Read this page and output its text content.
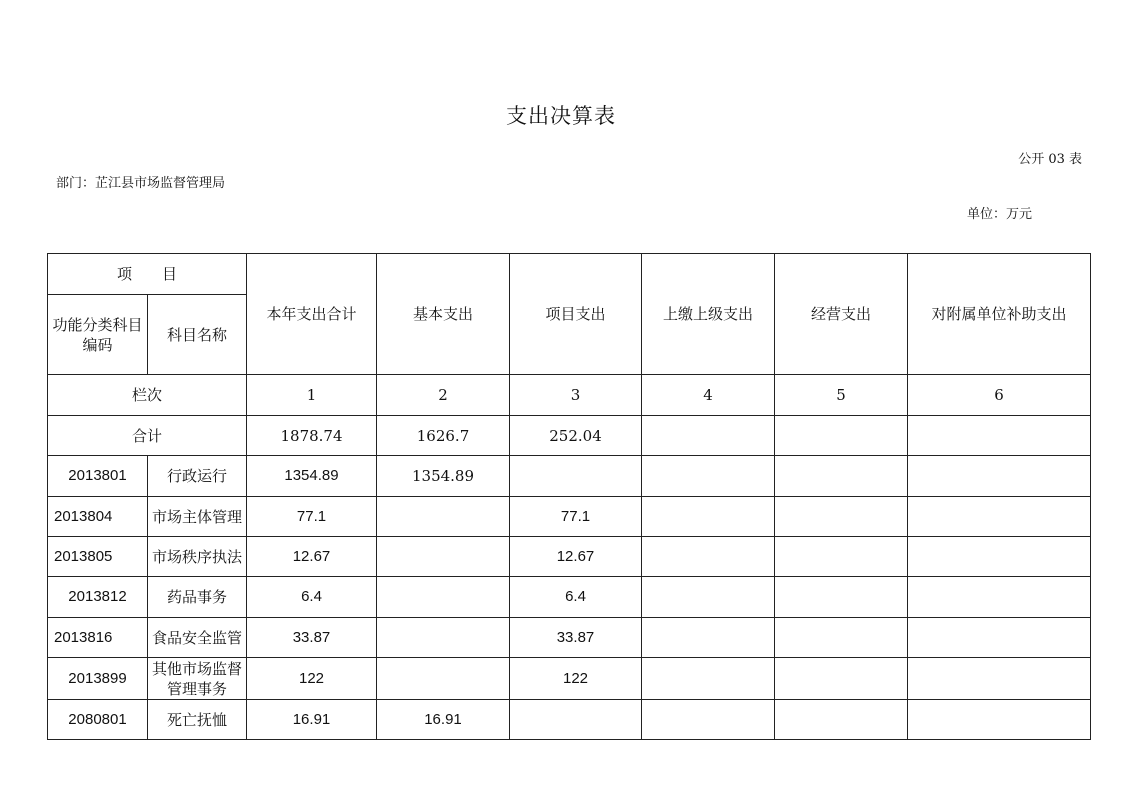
支出决算表
公开 03 表
部门：芷江县市场监督管理局
单位：万元
项 目		本年支出合计	基本支出	项目支出	上缴上级支出	经营支出	对附属单位补助支出
功能分类科目编码	科目名称						
栏次		1	2	3	4	5	6
合计		1878.74	1626.7	252.04			
2013801	行政运行	1354.89	1354.89				
2013804	市场主体管理	77.1		77.1			
2013805	市场秩序执法	12.67		12.67			
2013812	药品事务	6.4		6.4			
2013816	食品安全监管	33.87		33.87			
2013899	其他市场监督管理事务	122		122			
2080801	死亡抚恤	16.91	16.91				
